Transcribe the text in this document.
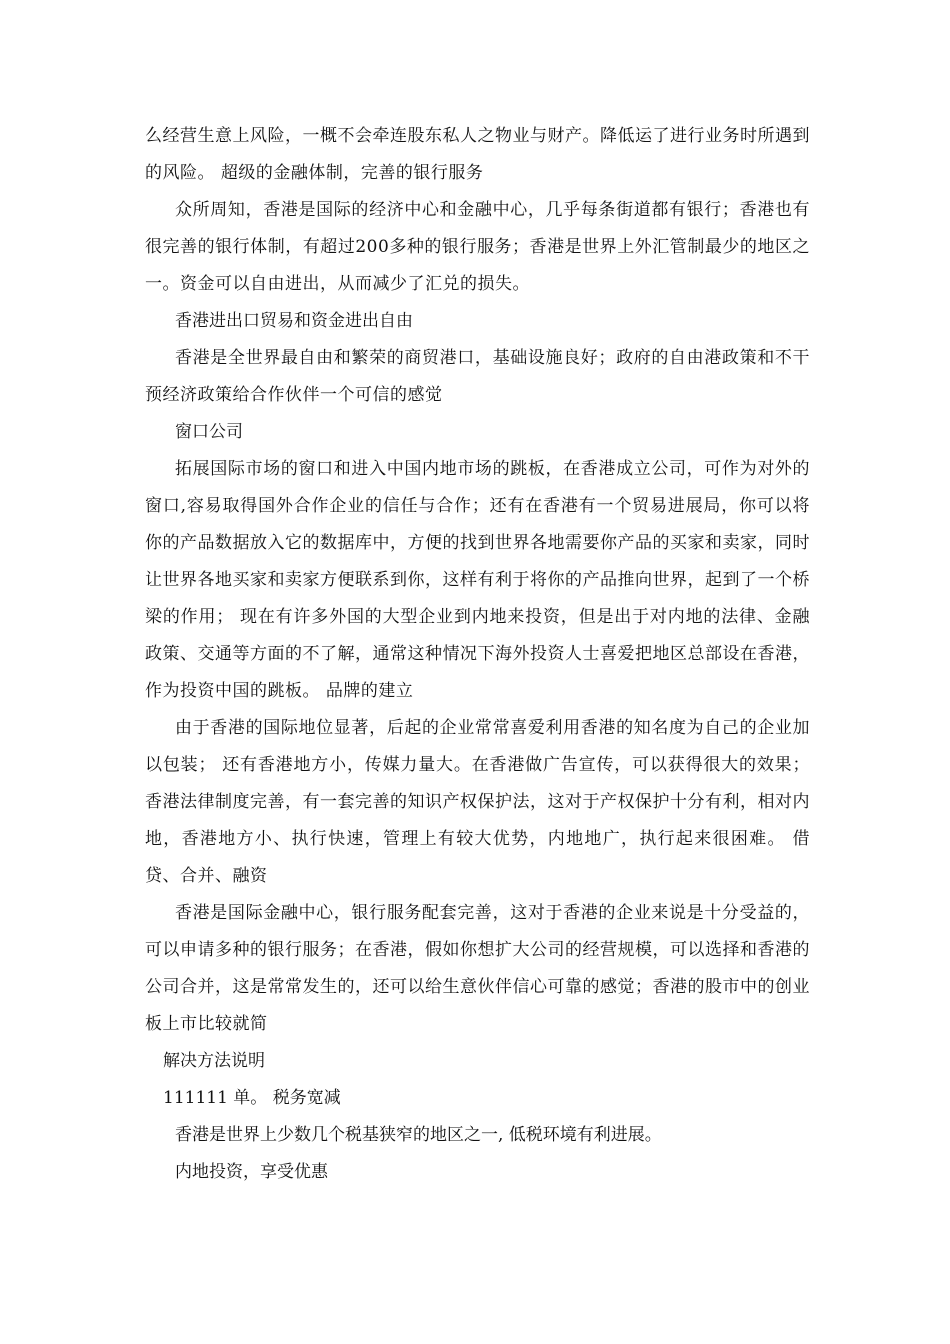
么经营生意上风险，一概不会牵连股东私人之物业与财产。降低运了进行业务时所遇到的风险。 超级的金融体制，完善的银行服务

众所周知，香港是国际的经济中心和金融中心，几乎每条街道都有银行；香港也有很完善的银行体制，有超过200多种的银行服务；香港是世界上外汇管制最少的地区之一。资金可以自由进出，从而减少了汇兑的损失。

香港进出口贸易和资金进出自由

香港是全世界最自由和繁荣的商贸港口，基础设施良好；政府的自由港政策和不干预经济政策给合作伙伴一个可信的感觉

窗口公司

拓展国际市场的窗口和进入中国内地市场的跳板，在香港成立公司，可作为对外的窗口,容易取得国外合作企业的信任与合作；还有在香港有一个贸易进展局，你可以将你的产品数据放入它的数据库中，方便的找到世界各地需要你产品的买家和卖家，同时让世界各地买家和卖家方便联系到你，这样有利于将你的产品推向世界，起到了一个桥梁的作用； 现在有许多外国的大型企业到内地来投资，但是出于对内地的法律、金融政策、交通等方面的不了解，通常这种情况下海外投资人士喜爱把地区总部设在香港，作为投资中国的跳板。 品牌的建立

由于香港的国际地位显著，后起的企业常常喜爱利用香港的知名度为自己的企业加以包装； 还有香港地方小，传媒力量大。在香港做广告宣传，可以获得很大的效果；香港法律制度完善，有一套完善的知识产权保护法，这对于产权保护十分有利，相对内地，香港地方小、执行快速，管理上有较大优势，内地地广，执行起来很困难。 借贷、合并、融资

香港是国际金融中心，银行服务配套完善，这对于香港的企业来说是十分受益的，可以申请多种的银行服务；在香港，假如你想扩大公司的经营规模，可以选择和香港的公司合并，这是常常发生的，还可以给生意伙伴信心可靠的感觉；香港的股市中的创业板上市比较就简

解决方法说明

111111 单。 税务宽减

香港是世界上少数几个税基狭窄的地区之一, 低税环境有利进展。

内地投资，享受优惠
